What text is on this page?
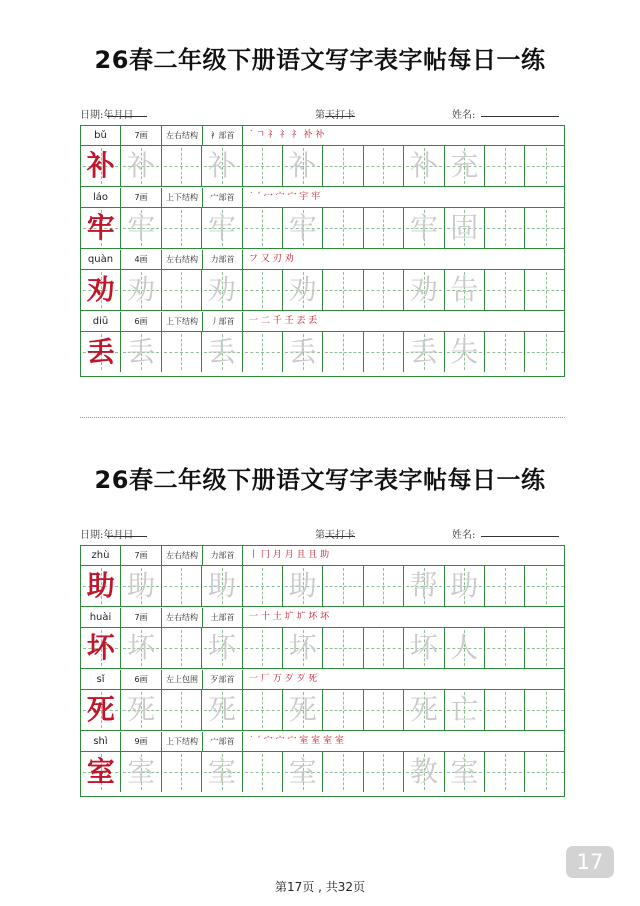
26春二年级下册语文写字表字帖每日一练
日期:
年
月
日	第
天打卡	姓名:
bǔ	7画	左右结构	衤部首	˙ ㄱ 礻 礻 礻 补 补
补 补 补 补	补 充
láo	7画	上下结构	宀部首	˙ ˊ 冖 宀 宀 宇 牢
牢 牢 牢 牢	牢 固
quàn	4画	左右结构	力部首	フ 又 刃 劝
劝 劝 劝 劝	劝 告
diū	6画	上下结构	丿部首	一 二 千 壬 丟 丢
丢 丢 丢 丢	丢 失
26春二年级下册语文写字表字帖每日一练
日期:
年
月
日	第
天打卡	姓名:
zhù	7画	左右结构	力部首	丨 冂 月 月 且 且 助
助 助 助 助	帮 助
huài	7画	左右结构	土部首	一 十 土 圹 圹 坏 坏
坏 坏 坏 坏	坏 人
sǐ	6画	左上包围	歹部首	一 厂 万 歹 歹 死
死 死 死 死	死 亡
shì	9画	上下结构	宀部首	˙ ˊ 宀 宀 宀 室 室 室 室
室 室 室 室	教 室
17
第17页 , 共32页
